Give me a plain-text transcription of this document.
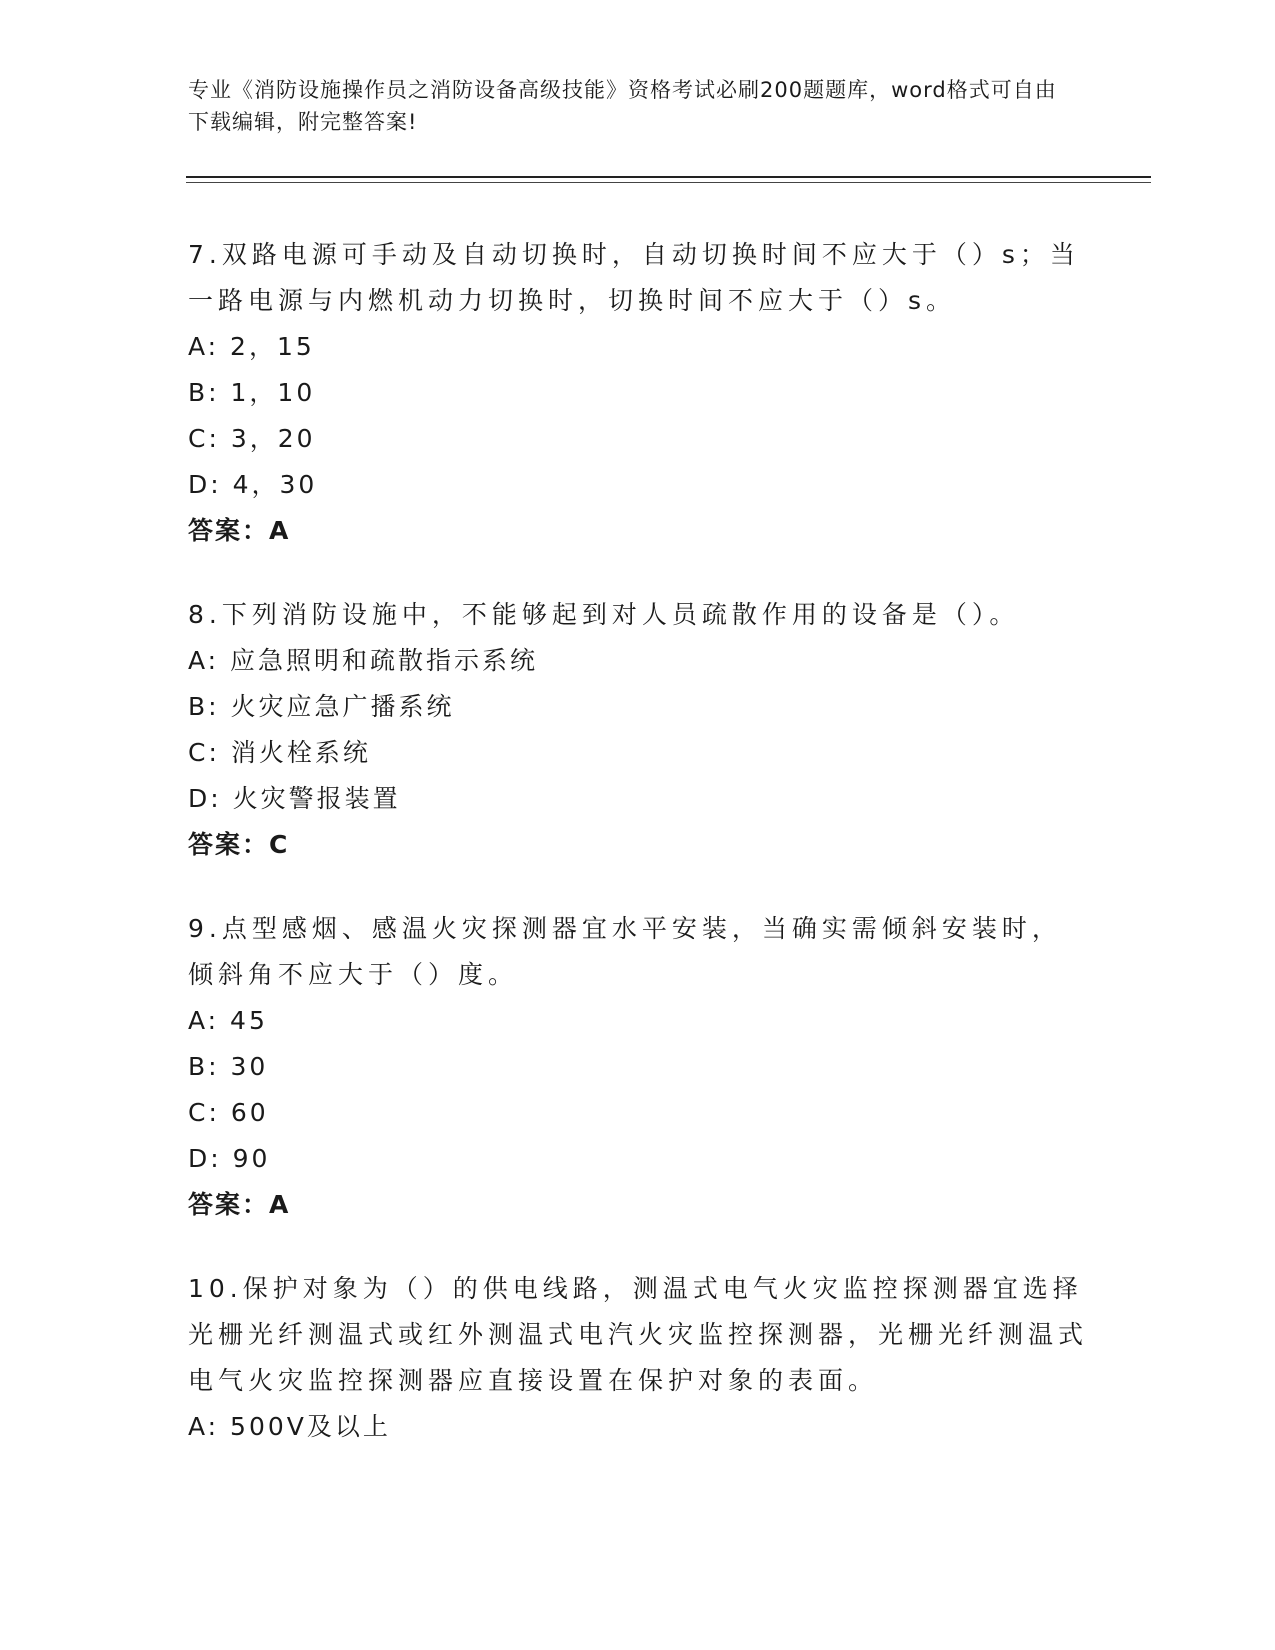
专业《消防设施操作员之消防设备高级技能》资格考试必刷200题题库，word格式可自由下载编辑，附完整答案!

7.双路电源可手动及自动切换时，自动切换时间不应大于（）s；当一路电源与内燃机动力切换时，切换时间不应大于（）s。

A: 2，15

B: 1，10

C: 3，20

D: 4，30

答案：A

8.下列消防设施中，不能够起到对人员疏散作用的设备是（）。

A: 应急照明和疏散指示系统

B: 火灾应急广播系统

C: 消火栓系统

D: 火灾警报装置

答案：C

9.点型感烟、感温火灾探测器宜水平安装，当确实需倾斜安装时，倾斜角不应大于（）度。

A: 45

B: 30

C: 60

D: 90

答案：A

10.保护对象为（）的供电线路，测温式电气火灾监控探测器宜选择光栅光纤测温式或红外测温式电汽火灾监控探测器，光栅光纤测温式电气火灾监控探测器应直接设置在保护对象的表面。

A: 500V及以上
